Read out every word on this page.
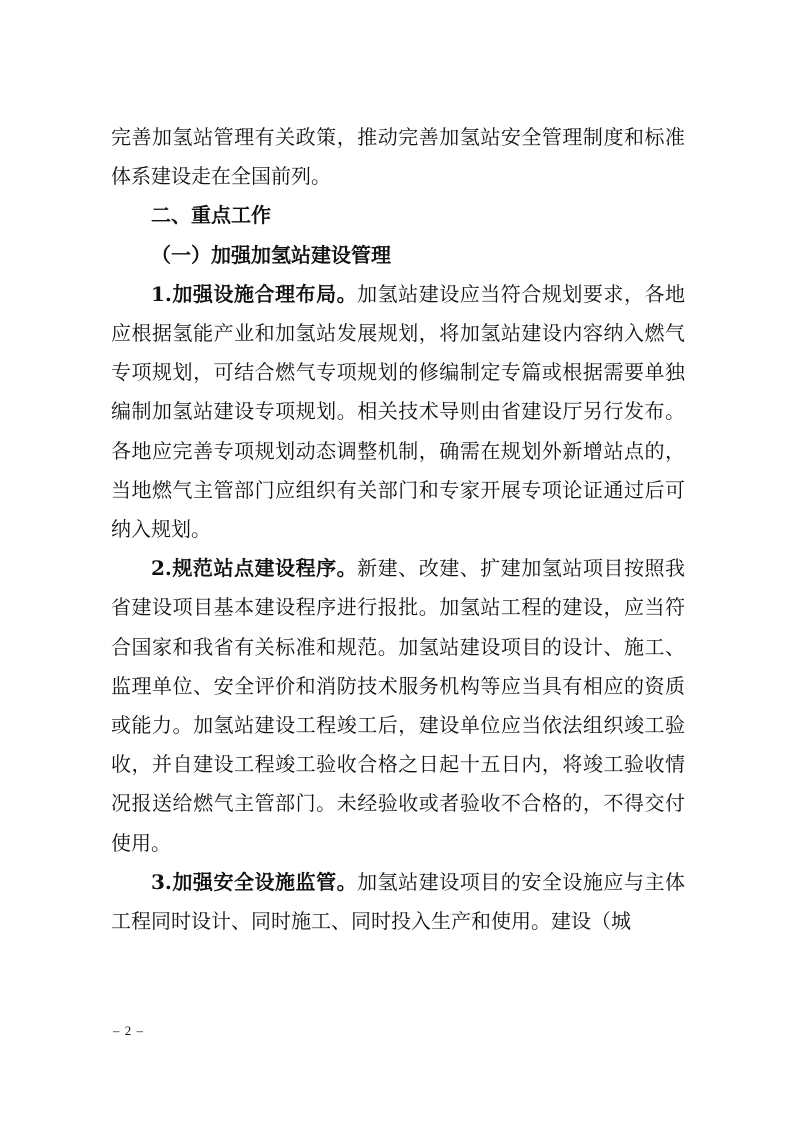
完善加氢站管理有关政策，推动完善加氢站安全管理制度和标准体系建设走在全国前列。

二、重点工作

（一）加强加氢站建设管理

1.加强设施合理布局。加氢站建设应当符合规划要求，各地应根据氢能产业和加氢站发展规划，将加氢站建设内容纳入燃气专项规划，可结合燃气专项规划的修编制定专篇或根据需要单独编制加氢站建设专项规划。相关技术导则由省建设厅另行发布。各地应完善专项规划动态调整机制，确需在规划外新增站点的，当地燃气主管部门应组织有关部门和专家开展专项论证通过后可纳入规划。

2.规范站点建设程序。新建、改建、扩建加氢站项目按照我省建设项目基本建设程序进行报批。加氢站工程的建设，应当符合国家和我省有关标准和规范。加氢站建设项目的设计、施工、监理单位、安全评价和消防技术服务机构等应当具有相应的资质或能力。加氢站建设工程竣工后，建设单位应当依法组织竣工验收，并自建设工程竣工验收合格之日起十五日内，将竣工验收情况报送给燃气主管部门。未经验收或者验收不合格的，不得交付使用。

3.加强安全设施监管。加氢站建设项目的安全设施应与主体工程同时设计、同时施工、同时投入生产和使用。建设（城

– 2 –
